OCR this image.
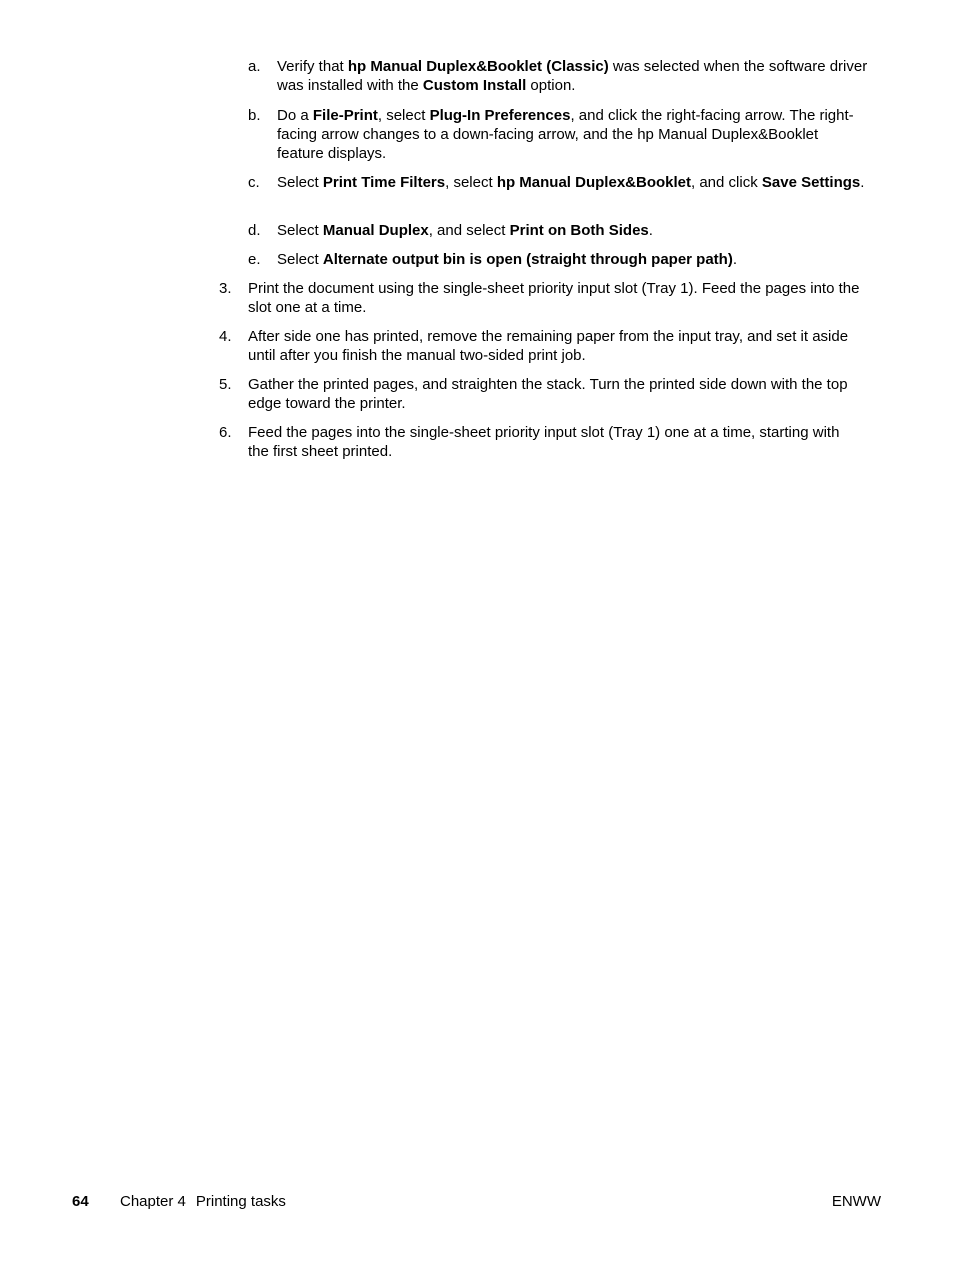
a.	Verify that hp Manual Duplex&Booklet (Classic) was selected when the software driver was installed with the Custom Install option.
b.	Do a File-Print, select Plug-In Preferences, and click the right-facing arrow. The right-facing arrow changes to a down-facing arrow, and the hp Manual Duplex&Booklet feature displays.
c.	Select Print Time Filters, select hp Manual Duplex&Booklet, and click Save Settings.
d.	Select Manual Duplex, and select Print on Both Sides.
e.	Select Alternate output bin is open (straight through paper path).
3.	Print the document using the single-sheet priority input slot (Tray 1). Feed the pages into the slot one at a time.
4.	After side one has printed, remove the remaining paper from the input tray, and set it aside until after you finish the manual two-sided print job.
5.	Gather the printed pages, and straighten the stack. Turn the printed side down with the top edge toward the printer.
6.	Feed the pages into the single-sheet priority input slot (Tray 1) one at a time, starting with the first sheet printed.
64 Chapter 4 Printing tasks	ENWW
